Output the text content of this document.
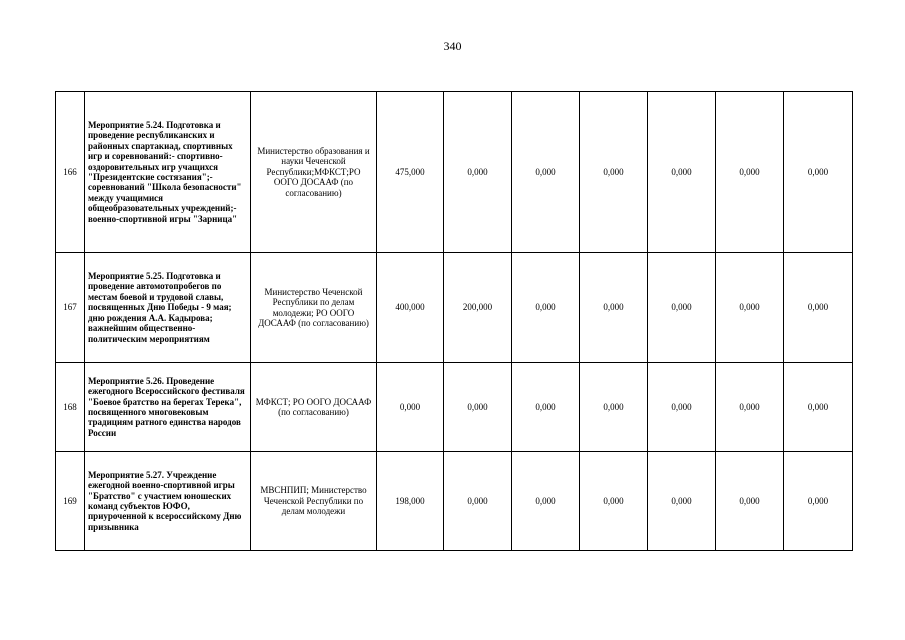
340
166	Мероприятие 5.24. Подготовка и проведение республиканских и районных спартакиад, спортивных игр и соревнований:- спортивно-оздоровительных игр учащихся "Президентские состязания";- соревнований "Школа безопасности" между учащимися общеобразовательных учреждений;- военно-спортивной игры "Зарница"	Министерство образования и науки Чеченской Республики;МФКСТ;РО ООГО ДОСААФ (по согласованию)	475,000	0,000	0,000	0,000	0,000	0,000	0,000
167	Мероприятие 5.25. Подготовка и проведение автомотопробегов по местам боевой и трудовой славы, посвященных Дню Победы - 9 мая; дню рождения А.А. Кадырова; важнейшим общественно-политическим мероприятиям	Министерство Чеченской Республики по делам молодежи; РО ООГО ДОСААФ (по согласованию)	400,000	200,000	0,000	0,000	0,000	0,000	0,000
168	Мероприятие 5.26. Проведение ежегодного Всероссийского фестиваля "Боевое братство на берегах Терека", посвященного многовековым традициям ратного единства народов России	МФКСТ; РО ООГО ДОСААФ (по согласованию)	0,000	0,000	0,000	0,000	0,000	0,000	0,000
169	Мероприятие 5.27. Учреждение ежегодной военно-спортивной игры "Братство" с участием юношеских команд субъектов ЮФО, приуроченной к всероссийскому Дню призывника	МВСНПИП; Министерство Чеченской Республики по делам молодежи	198,000	0,000	0,000	0,000	0,000	0,000	0,000
